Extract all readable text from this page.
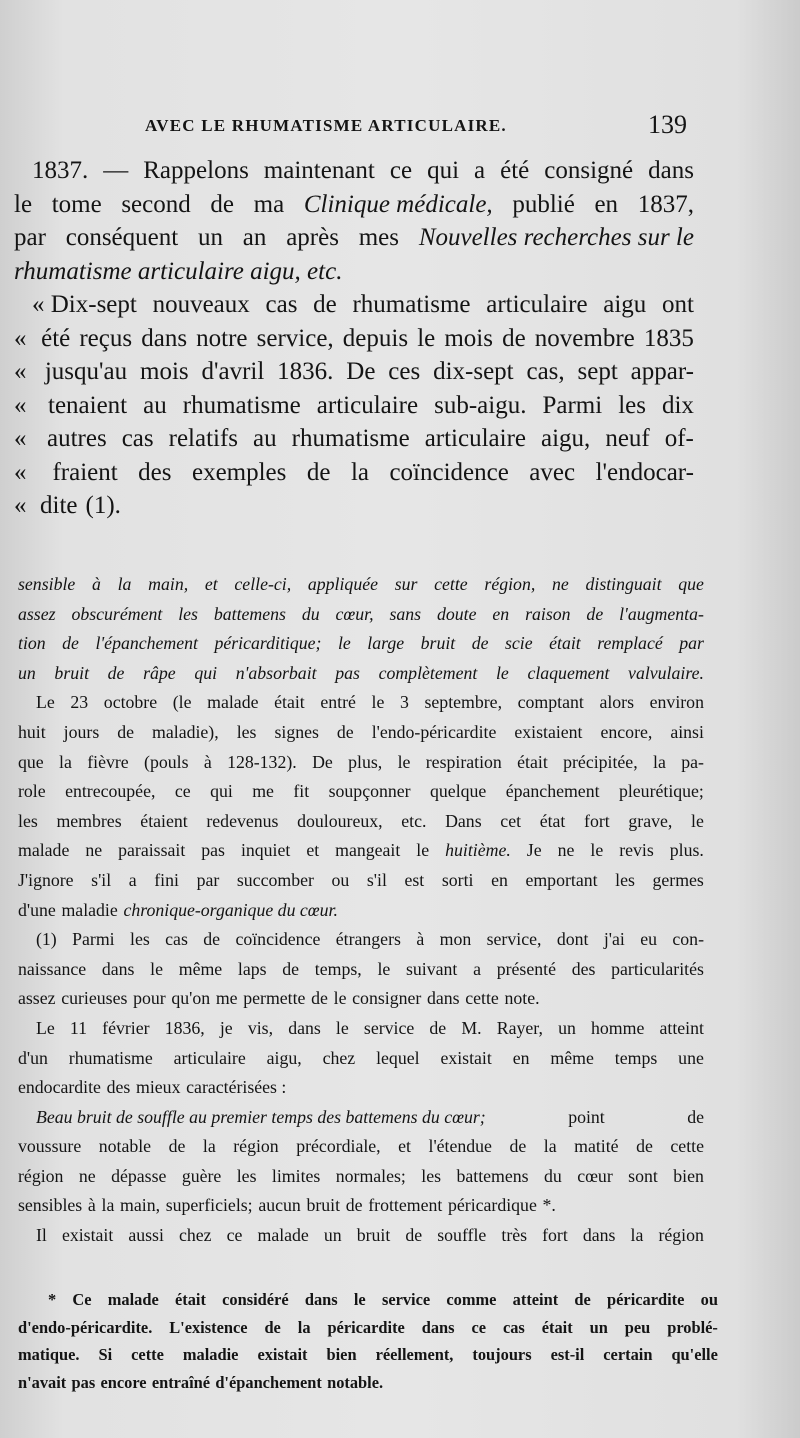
AVEC LE RHUMATISME ARTICULAIRE.	139
1837. — Rappelons maintenant ce qui a été consigné dans
le tome second de ma Clinique médicale, publié en 1837,
par conséquent un an après mes Nouvelles recherches sur le
rhumatisme articulaire aigu, etc.
« Dix-sept nouveaux cas de rhumatisme articulaire aigu ont
« été reçus dans notre service, depuis le mois de novembre 1835
« jusqu'au mois d'avril 1836. De ces dix-sept cas, sept appar-
« tenaient au rhumatisme articulaire sub-aigu. Parmi les dix
« autres cas relatifs au rhumatisme articulaire aigu, neuf of-
« fraient des exemples de la coïncidence avec l'endocar-
« dite (1).
sensible à la main, et celle-ci, appliquée sur cette région, ne distinguait que
assez obscurément les battemens du cœur, sans doute en raison de l'augmenta-
tion de l'épanchement péricarditique; le large bruit de scie était remplacé par
un bruit de râpe qui n'absorbait pas complètement le claquement valvulaire.
Le 23 octobre (le malade était entré le 3 septembre, comptant alors environ
huit jours de maladie), les signes de l'endo-péricardite existaient encore, ainsi
que la fièvre (pouls à 128-132). De plus, le respiration était précipitée, la pa-
role entrecoupée, ce qui me fit soupçonner quelque épanchement pleurétique;
les membres étaient redevenus douloureux, etc. Dans cet état fort grave, le
malade ne paraissait pas inquiet et mangeait le huitième. Je ne le revis plus.
J'ignore s'il a fini par succomber ou s'il est sorti en emportant les germes
d'une maladie chronique-organique du cœur.
(1) Parmi les cas de coïncidence étrangers à mon service, dont j'ai eu con-
naissance dans le même laps de temps, le suivant a présenté des particularités
assez curieuses pour qu'on me permette de le consigner dans cette note.
Le 11 février 1836, je vis, dans le service de M. Rayer, un homme atteint
d'un rhumatisme articulaire aigu, chez lequel existait en même temps une
endocardite des mieux caractérisées :
Beau bruit de souffle au premier temps des battemens du cœur;	point	de
voussure notable de la région précordiale, et l'étendue de la matité de cette
région ne dépasse guère les limites normales; les battemens du cœur sont bien
sensibles à la main, superficiels; aucun bruit de frottement péricardique *.
Il existait aussi chez ce malade un bruit de souffle très fort dans la région
* Ce malade était considéré dans le service comme atteint de péricardite ou
d'endo-péricardite. L'existence de la péricardite dans ce cas était un peu problé-
matique. Si cette maladie existait bien réellement, toujours est-il certain qu'elle
n'avait pas encore entraîné d'épanchement notable.
